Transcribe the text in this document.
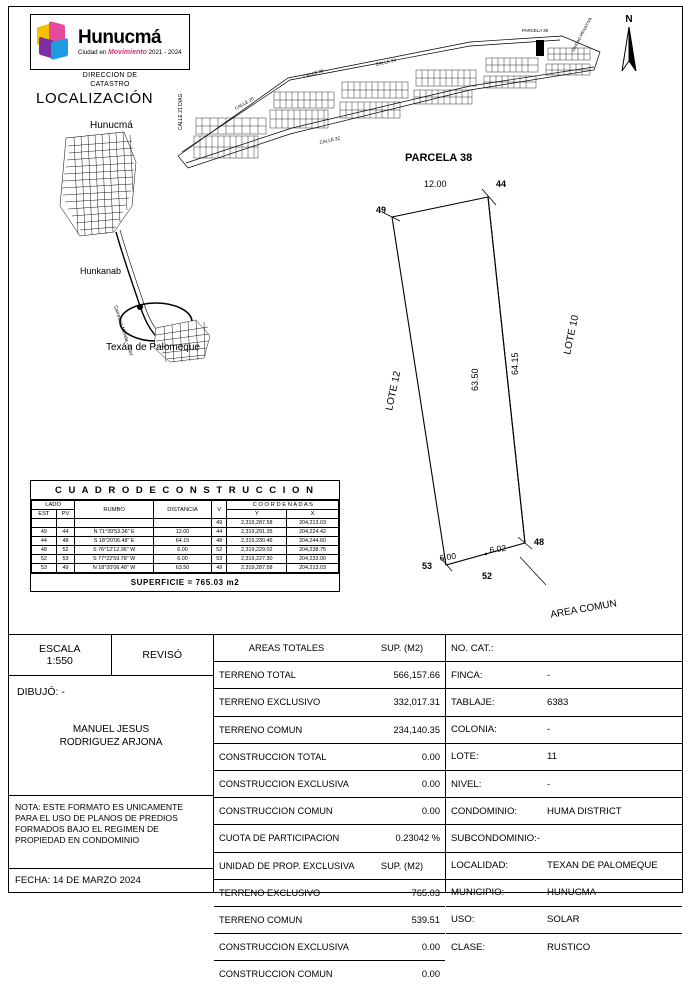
Hunucmá
Ciudad en Movimiento 2021 - 2024
DIRECCION DE
CATASTRO
LOCALIZACIÓN
Carretera Mérida - Tetiz
Hunucmá
Hunkanab
Texán de Palomeque
N
CALLE 26
CALLE 24
CALLE 22
CALLE 20
PARCELA 38	UNIDAD PRIVATIVA
CALLE 21 DIAG.
12.00
49
44
48
53
52
6.00
6.02
64.15
63.50
LOTE 12
LOTE 10
PARCELA 38
AREA COMUN
C U A D R O D E C O N S T R U C C I O N
LADO		RUMBO	DISTANCIA	V	C O O R D E N A D A S	
EST	PV				Y	X
				49	2,319,287.58	204,213.03
49	44	N 71°39'53.36" E	12.00	44	2,319,291.35	204,224.42
44	48	S 18°20'06.48" E	64.15	48	2,319,230.46	204,244.60
48	52	S 76°12'12.36" W	6.00	52	2,319,229.02	204,238.75
52	53	S 77°22'59.78" W	6.00	53	2,319,227.30	204,233.00
53	49	N 18°20'06.48" W	63.50	49	2,319,287.58	204,213.03
SUPERFICIE = 765.03 m2
ESCALA
1:550	REVISÓ
DIBUJÓ: -
MANUEL JESUS
RODRIGUEZ ARJONA
NOTA: ESTE FORMATO ES UNICAMENTE PARA EL USO DE PLANOS DE PREDIOS FORMADOS BAJO EL REGIMEN DE PROPIEDAD EN CONDOMINIO
FECHA: 14 DE MARZO 2024
AREAS TOTALES	SUP. (M2)
TERRENO TOTAL	566,157.66
TERRENO EXCLUSIVO	332,017.31
TERRENO COMUN	234,140.35
CONSTRUCCION TOTAL	0.00
CONSTRUCCION EXCLUSIVA	0.00
CONSTRUCCION COMUN	0.00
CUOTA DE PARTICIPACION	0.23042 %
UNIDAD DE PROP. EXCLUSIVA	SUP. (M2)
TERRENO EXCLUSIVO	765.03
TERRENO COMUN	539.51
CONSTRUCCION EXCLUSIVA	0.00
CONSTRUCCION COMUN	0.00
NO. CAT.:
FINCA:	-
TABLAJE:	6383
COLONIA:	-
LOTE:	11
NIVEL:	-
CONDOMINIO:	HUMA DISTRICT
SUBCONDOMINIO: -
LOCALIDAD:	TEXAN DE PALOMEQUE
MUNICIPIO:	HUNUCMA
USO:	SOLAR
CLASE:	RUSTICO
